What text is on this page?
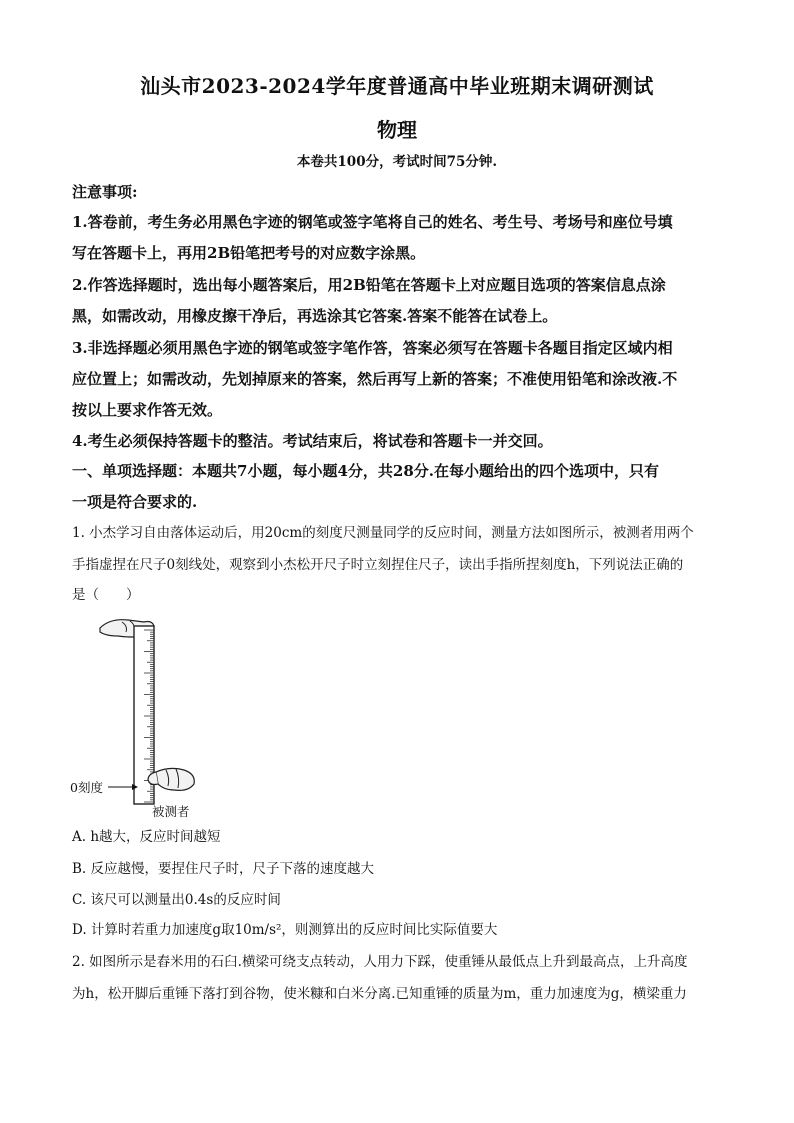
汕头市2023-2024学年度普通高中毕业班期末调研测试
物理
本卷共100分，考试时间75分钟.
注意事项:
1.答卷前，考生务必用黑色字迹的钢笔或签字笔将自己的姓名、考生号、考场号和座位号填
写在答题卡上，再用2B铅笔把考号的对应数字涂黑。
2.作答选择题时，选出每小题答案后，用2B铅笔在答题卡上对应题目选项的答案信息点涂
黑，如需改动，用橡皮擦干净后，再选涂其它答案.答案不能答在试卷上。
3.非选择题必须用黑色字迹的钢笔或签字笔作答，答案必须写在答题卡各题目指定区域内相
应位置上；如需改动，先划掉原来的答案，然后再写上新的答案；不准使用铅笔和涂改液.不
按以上要求作答无效。
4.考生必须保持答题卡的整洁。考试结束后，将试卷和答题卡一并交回。
一、单项选择题：本题共7小题，每小题4分，共28分.在每小题给出的四个选项中，只有
一项是符合要求的.
1. 小杰学习自由落体运动后，用20cm的刻度尺测量同学的反应时间，测量方法如图所示，被测者用两个
手指虚捏在尺子0刻线处，观察到小杰松开尺子时立刻捏住尺子，读出手指所捏刻度h，下列说法正确的
是（　　）
0刻度
被测者
A. h越大，反应时间越短
B. 反应越慢，要捏住尺子时，尺子下落的速度越大
C. 该尺可以测量出0.4s的反应时间
D. 计算时若重力加速度g取10m/s²，则测算出的反应时间比实际值要大
2. 如图所示是舂米用的石臼.横梁可绕支点转动，人用力下踩，使重锤从最低点上升到最高点，上升高度
为h，松开脚后重锤下落打到谷物，使米糠和白米分离.已知重锤的质量为m，重力加速度为g，横梁重力
